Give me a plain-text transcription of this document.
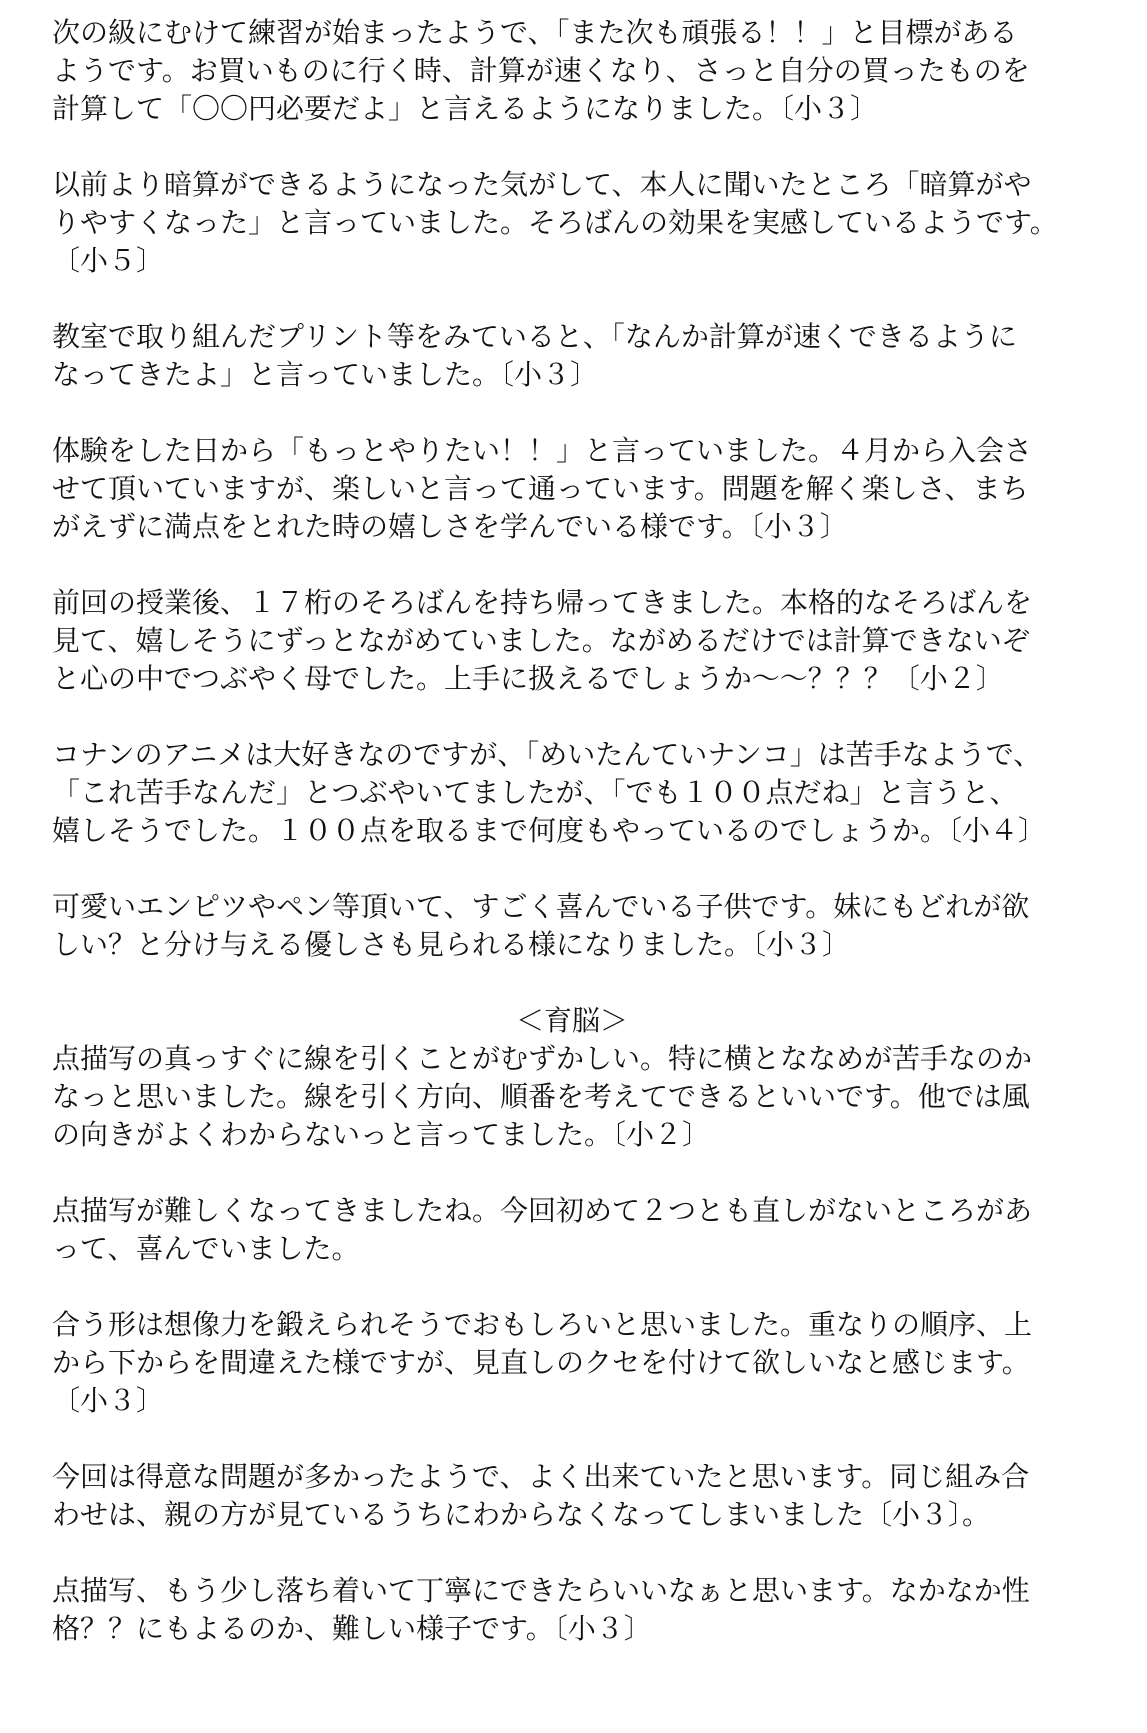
次の級にむけて練習が始まったようで、「また次も頑張る！！」と目標がある
ようです。お買いものに行く時、計算が速くなり、さっと自分の買ったものを
計算して「〇〇円必要だよ」と言えるようになりました。〔小３〕
以前より暗算ができるようになった気がして、本人に聞いたところ「暗算がや
りやすくなった」と言っていました。そろばんの効果を実感しているようです。
〔小５〕
教室で取り組んだプリント等をみていると、「なんか計算が速くできるように
なってきたよ」と言っていました。〔小３〕
体験をした日から「もっとやりたい！！」と言っていました。４月から入会さ
せて頂いていますが、楽しいと言って通っています。問題を解く楽しさ、まち
がえずに満点をとれた時の嬉しさを学んでいる様です。〔小３〕
前回の授業後、１７桁のそろばんを持ち帰ってきました。本格的なそろばんを
見て、嬉しそうにずっとながめていました。ながめるだけでは計算できないぞ
と心の中でつぶやく母でした。上手に扱えるでしょうか～～？？？〔小２〕
コナンのアニメは大好きなのですが、「めいたんていナンコ」は苦手なようで、
「これ苦手なんだ」とつぶやいてましたが、「でも１００点だね」と言うと、
嬉しそうでした。１００点を取るまで何度もやっているのでしょうか。〔小４〕
可愛いエンピツやペン等頂いて、すごく喜んでいる子供です。妹にもどれが欲
しい？と分け与える優しさも見られる様になりました。〔小３〕
＜育脳＞
点描写の真っすぐに線を引くことがむずかしい。特に横とななめが苦手なのか
なっと思いました。線を引く方向、順番を考えてできるといいです。他では風
の向きがよくわからないっと言ってました。〔小２〕
点描写が難しくなってきましたね。今回初めて２つとも直しがないところがあ
って、喜んでいました。
合う形は想像力を鍛えられそうでおもしろいと思いました。重なりの順序、上
から下からを間違えた様ですが、見直しのクセを付けて欲しいなと感じます。
〔小３〕
今回は得意な問題が多かったようで、よく出来ていたと思います。同じ組み合
わせは、親の方が見ているうちにわからなくなってしまいました〔小３〕。
点描写、もう少し落ち着いて丁寧にできたらいいなぁと思います。なかなか性
格？？にもよるのか、難しい様子です。〔小３〕
